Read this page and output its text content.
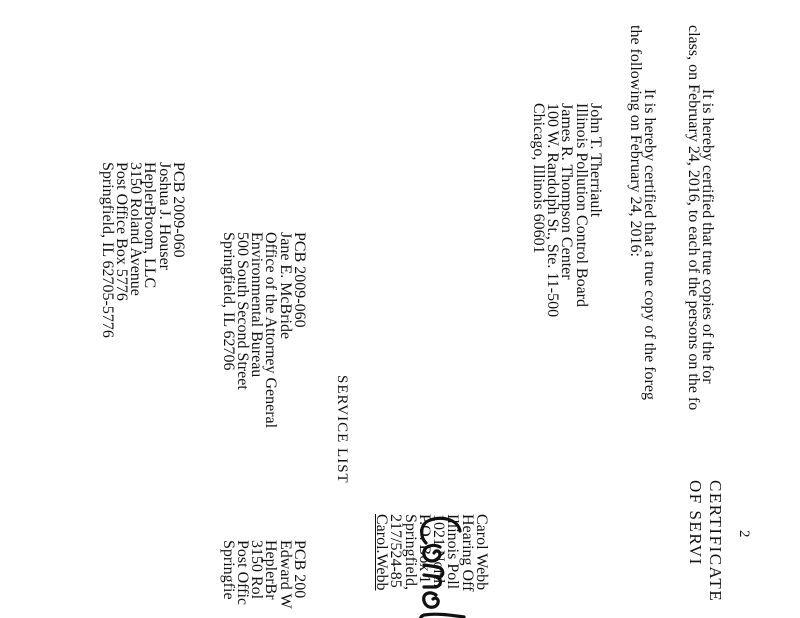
2
CERTIFICATE OF SERVI
It is hereby certified that true copies of the for
class, on February 24, 2016, to each of the persons on the fo
It is hereby certified that a true copy of the foreg
the following on February 24, 2016:
John T. Therriault
Illinois Pollution Control Board
James R. Thompson Center
100 W. Randolph St., Ste. 11-500
Chicago, Illinois 60601
Carol Webb
Hearing Off
Illinois Poll
1021 North
P.O. Box 1
Springfield,
217/524-85
Carol.Webb
SERVICE LIST
PCB 2009-060
Jane E. McBride
Office of the Attorney General
Environmental Bureau
500 South Second Street
Springfield, IL 62706
PCB 200
Edward W
HeplerBr
3150 Rol
Post Offic
Springfie
PCB 2009-060
Joshua J. Houser
HeplerBroom, LLC
3150 Roland Avenue
Post Office Box 5776
Springfield, IL 62705-5776
